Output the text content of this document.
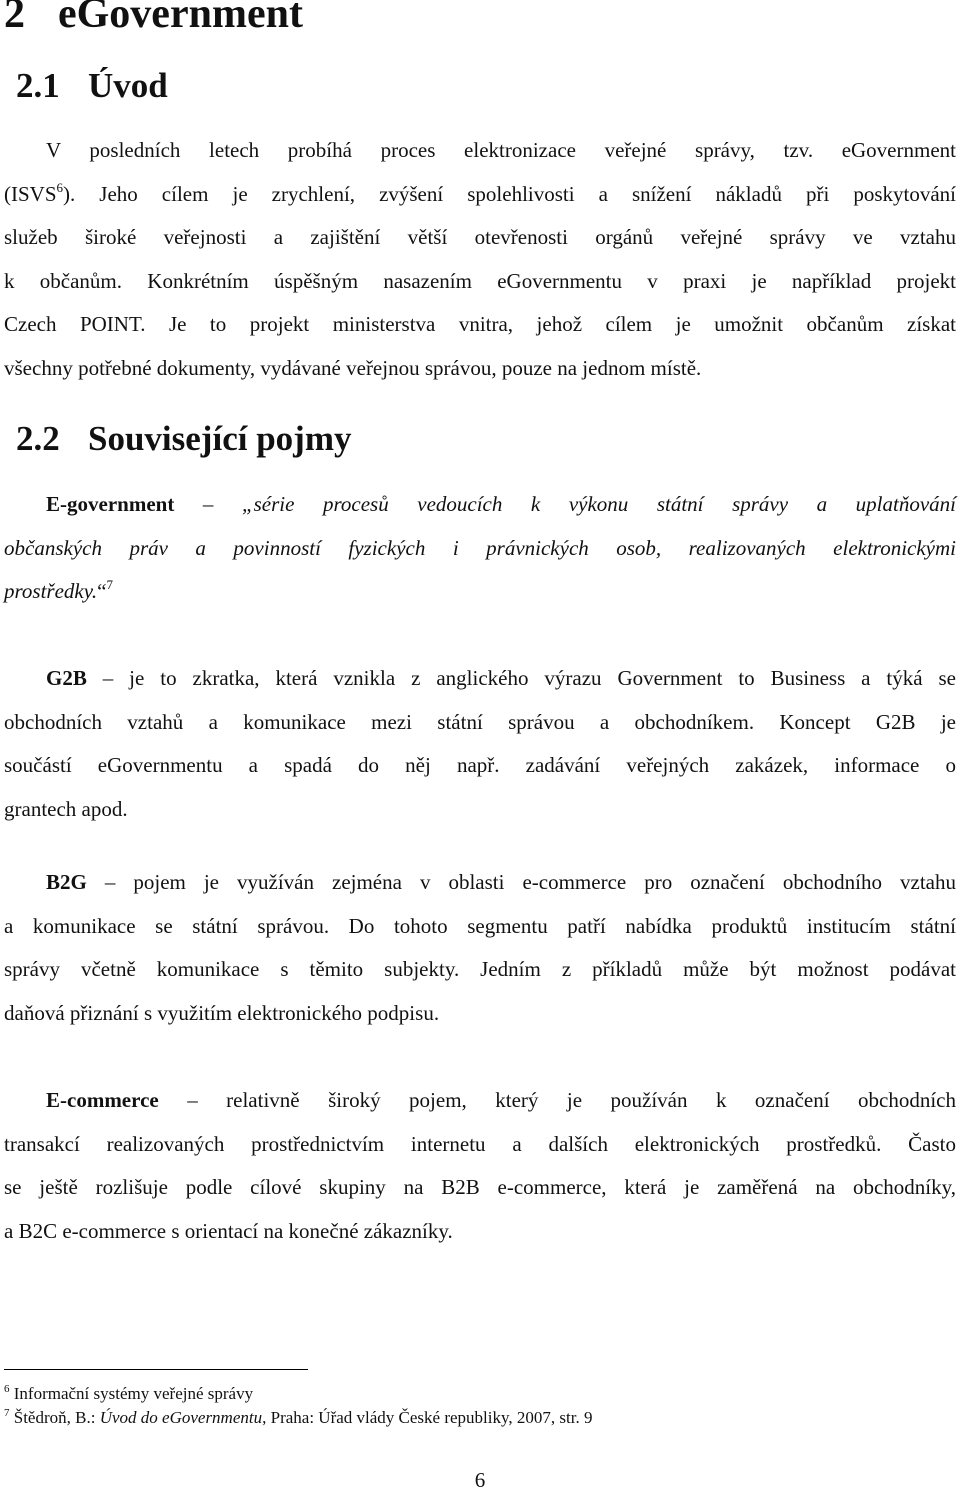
2 eGovernment
2.1 Úvod
V posledních letech probíhá proces elektronizace veřejné správy, tzv. eGovernment
(ISVS$^6$). Jeho cílem je zrychlení, zvýšení spolehlivosti a snížení nákladů při poskytování
služeb široké veřejnosti a zajištění větší otevřenosti orgánů veřejné správy ve vztahu
k občanům. Konkrétním úspěšným nasazením eGovernmentu v praxi je například projekt
Czech POINT. Je to projekt ministerstva vnitra, jehož cílem je umožnit občanům získat
všechny potřebné dokumenty, vydávané veřejnou správou, pouze na jednom místě.
2.2 Související pojmy
E-government – „série procesů vedoucích k výkonu státní správy a uplatňování
občanských práv a povinností fyzických i právnických osob, realizovaných elektronickými
prostředky.“$^7$
G2B – je to zkratka, která vznikla z anglického výrazu Government to Business a týká se
obchodních vztahů a komunikace mezi státní správou a obchodníkem. Koncept G2B je
součástí eGovernmentu a spadá do něj např. zadávání veřejných zakázek, informace o
grantech apod.
B2G – pojem je využíván zejména v oblasti e-commerce pro označení obchodního vztahu
a komunikace se státní správou. Do tohoto segmentu patří nabídka produktů institucím státní
správy včetně komunikace s těmito subjekty. Jedním z příkladů může být možnost podávat
daňová přiznání s využitím elektronického podpisu.
E-commerce – relativně široký pojem, který je používán k označení obchodních
transakcí realizovaných prostřednictvím internetu a dalších elektronických prostředků. Často
se ještě rozlišuje podle cílové skupiny na B2B e-commerce, která je zaměřená na obchodníky,
a B2C e-commerce s orientací na konečné zákazníky.
$^6$ Informační systémy veřejné správy
$^7$ Štědroň, B.: Úvod do eGovernmentu, Praha: Úřad vlády České republiky, 2007, str. 9
6
